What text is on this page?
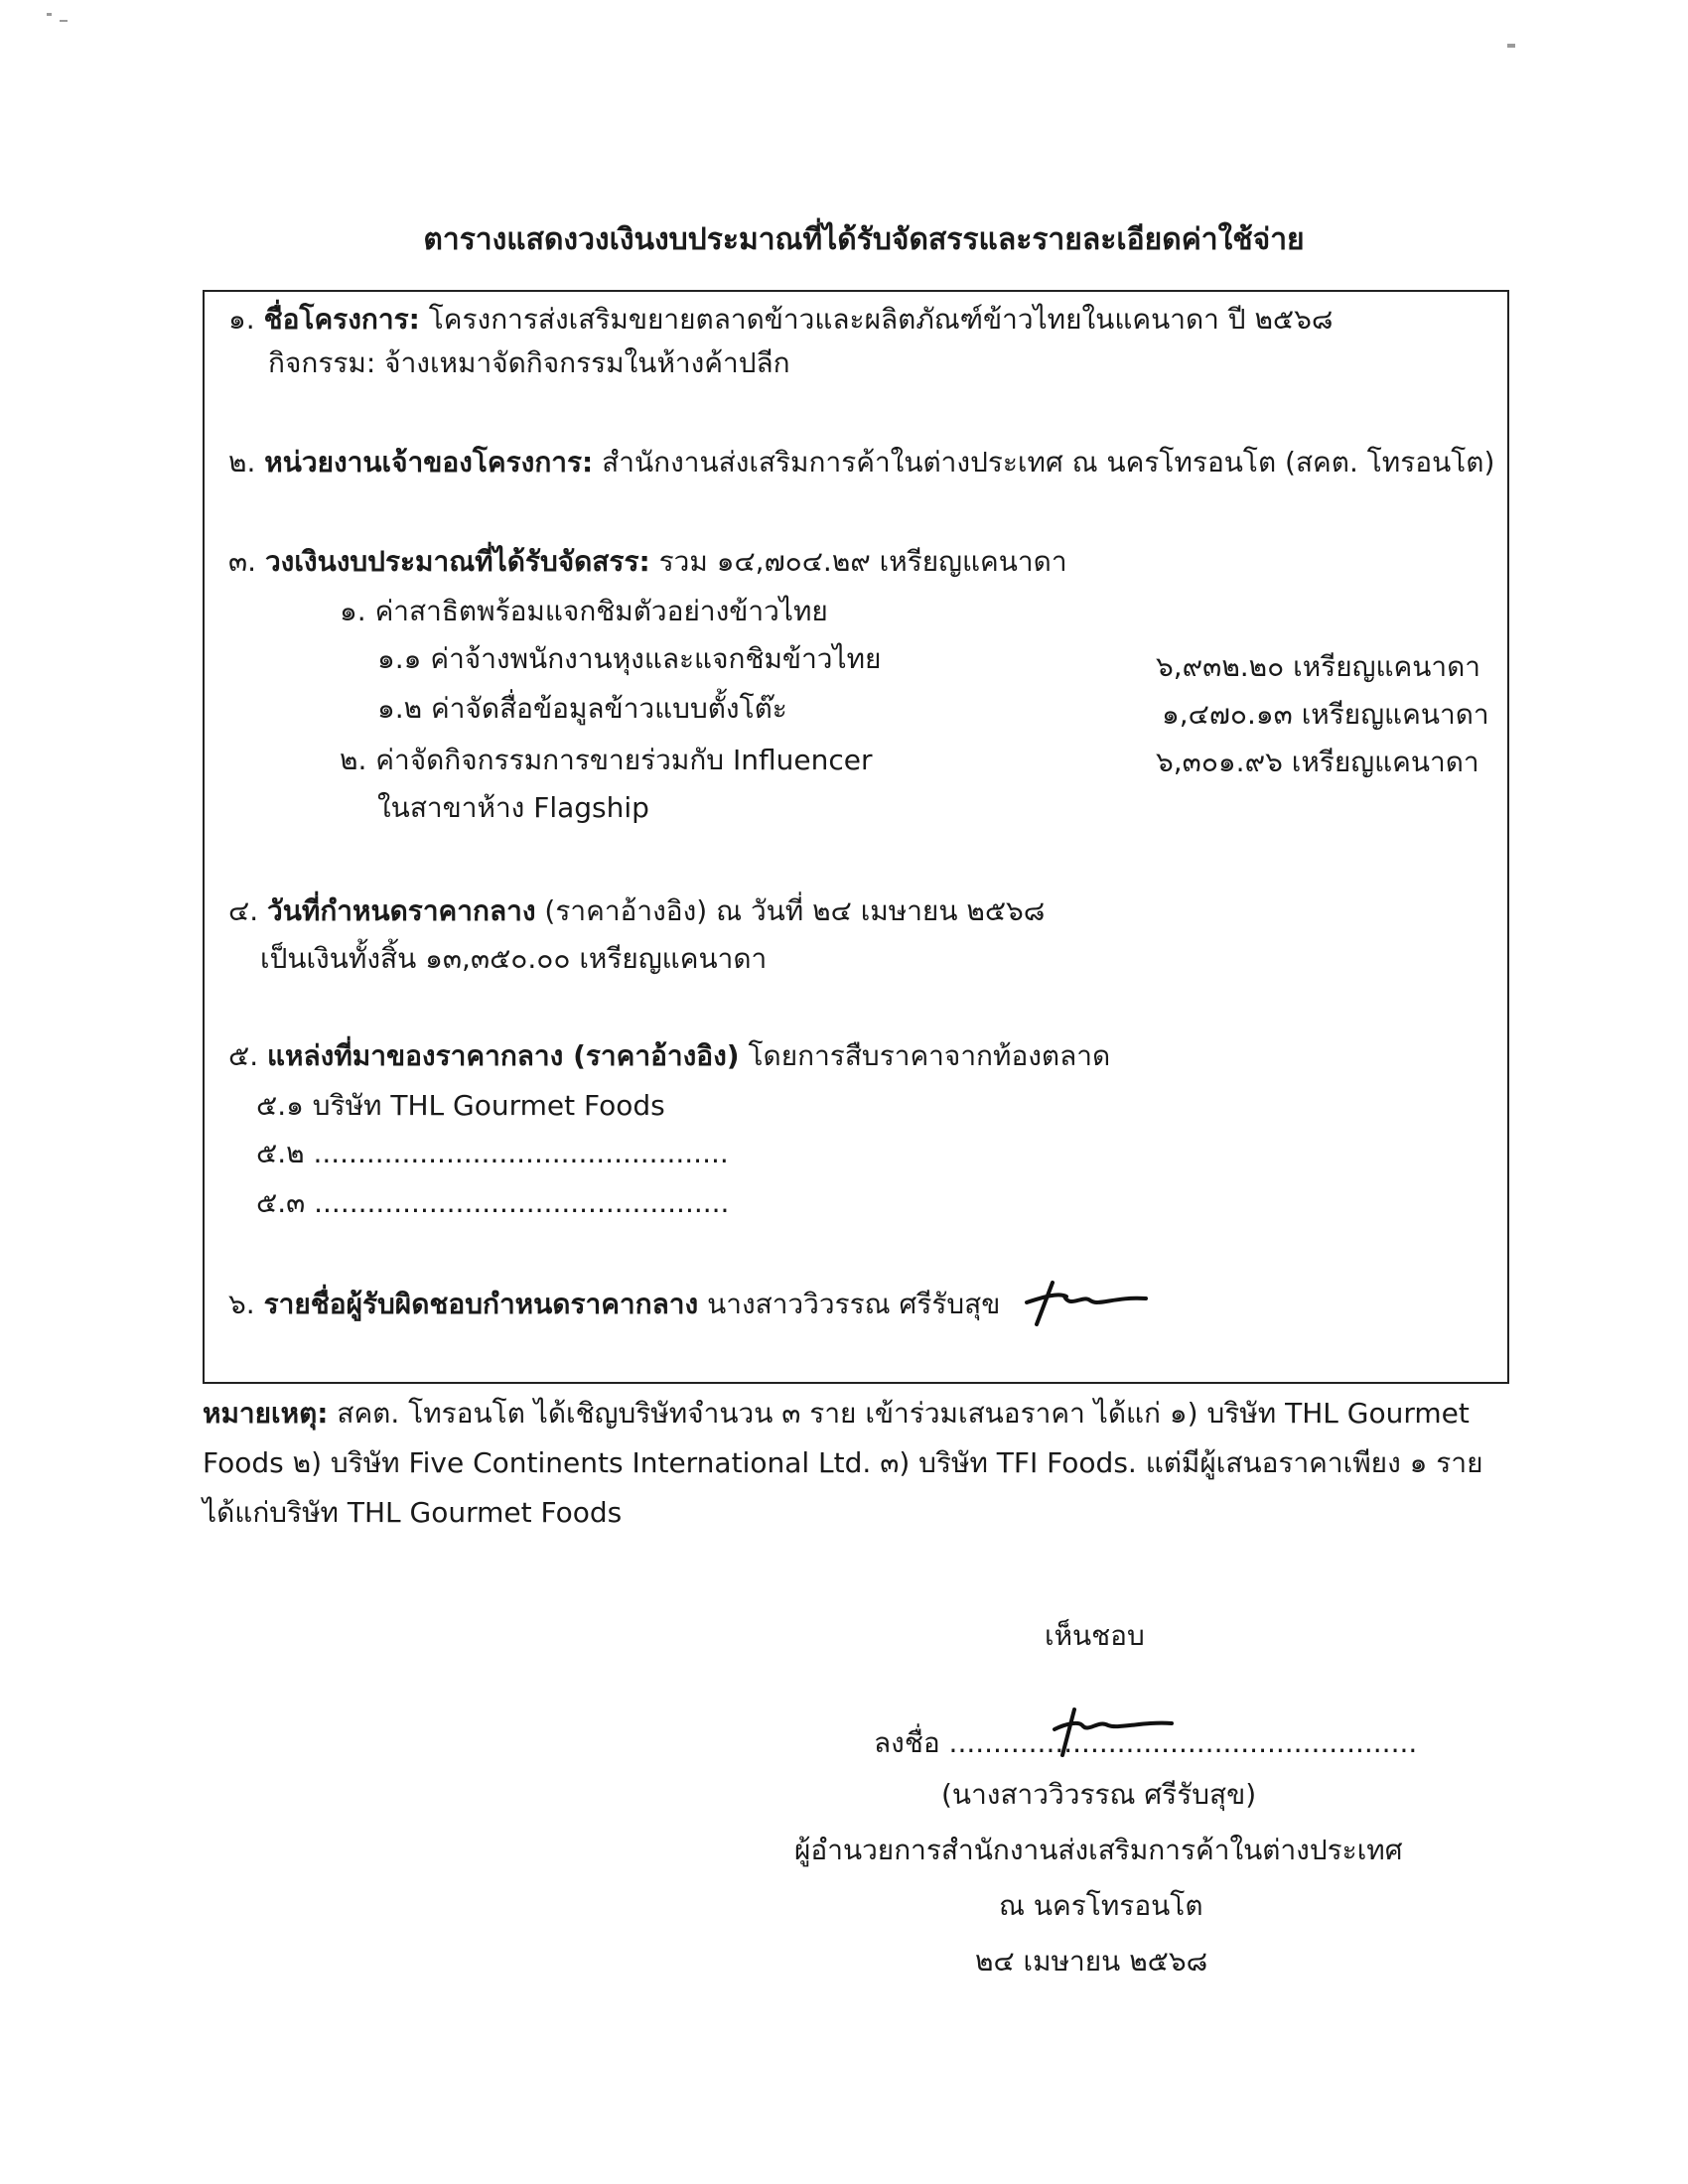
ตารางแสดงวงเงินงบประมาณที่ได้รับจัดสรรและรายละเอียดค่าใช้จ่าย
๑. ชื่อโครงการ: โครงการส่งเสริมขยายตลาดข้าวและผลิตภัณฑ์ข้าวไทยในแคนาดา ปี ๒๕๖๘
กิจกรรม: จ้างเหมาจัดกิจกรรมในห้างค้าปลีก
๒. หน่วยงานเจ้าของโครงการ: สำนักงานส่งเสริมการค้าในต่างประเทศ ณ นครโทรอนโต (สคต. โทรอนโต)
๓. วงเงินงบประมาณที่ได้รับจัดสรร: รวม ๑๔,๗๐๔.๒๙ เหรียญแคนาดา
๑. ค่าสาธิตพร้อมแจกชิมตัวอย่างข้าวไทย
๑.๑ ค่าจ้างพนักงานหุงและแจกชิมข้าวไทย	๖,๙๓๒.๒๐ เหรียญแคนาดา
๑.๒ ค่าจัดสื่อข้อมูลข้าวแบบตั้งโต๊ะ	๑,๔๗๐.๑๓ เหรียญแคนาดา
๒. ค่าจัดกิจกรรมการขายร่วมกับ Influencer	๖,๓๐๑.๙๖ เหรียญแคนาดา
ในสาขาห้าง Flagship
๔. วันที่กำหนดราคากลาง (ราคาอ้างอิง) ณ วันที่ ๒๔ เมษายน ๒๕๖๘
เป็นเงินทั้งสิ้น ๑๓,๓๕๐.๐๐ เหรียญแคนาดา
๕. แหล่งที่มาของราคากลาง (ราคาอ้างอิง) โดยการสืบราคาจากท้องตลาด
๕.๑ บริษัท THL Gourmet Foods
๕.๒ ...............................................
๕.๓ ...............................................
๖. รายชื่อผู้รับผิดชอบกำหนดราคากลาง นางสาววิวรรณ ศรีรับสุข
หมายเหตุ: สคต. โทรอนโต ได้เชิญบริษัทจำนวน ๓ ราย เข้าร่วมเสนอราคา ได้แก่ ๑) บริษัท THL Gourmet
Foods ๒) บริษัท Five Continents International Ltd. ๓) บริษัท TFI Foods. แต่มีผู้เสนอราคาเพียง ๑ ราย
ได้แก่บริษัท THL Gourmet Foods
เห็นชอบ
ลงชื่อ .....................................................
(นางสาววิวรรณ ศรีรับสุข)
ผู้อำนวยการสำนักงานส่งเสริมการค้าในต่างประเทศ
ณ นครโทรอนโต
๒๔ เมษายน ๒๕๖๘
